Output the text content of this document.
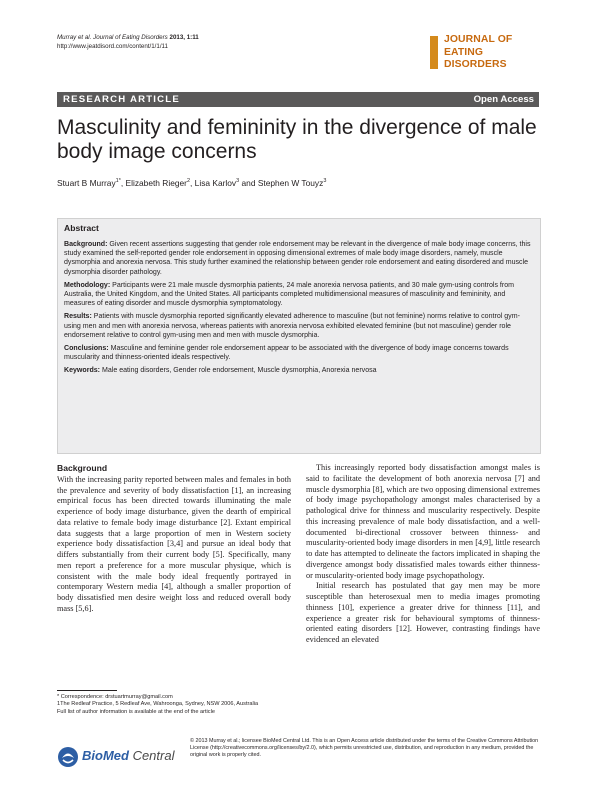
Murray et al. Journal of Eating Disorders 2013, 1:11
http://www.jeatdisord.com/content/1/1/11
JOURNAL OF
EATING DISORDERS
RESEARCH ARTICLE	Open Access
Masculinity and femininity in the divergence of male body image concerns
Stuart B Murray$^{1*}$, Elizabeth Rieger$^2$, Lisa Karlov$^3$ and Stephen W Touyz$^3$
Abstract

Background: Given recent assertions suggesting that gender role endorsement may be relevant in the divergence of male body image concerns, this study examined the self-reported gender role endorsement in opposing dimensional extremes of male body image disorders, namely, muscle dysmorphia and anorexia nervosa. This study further examined the relationship between gender role endorsement and eating disordered and muscle dysmorphia disorder pathology.

Methodology: Participants were 21 male muscle dysmorphia patients, 24 male anorexia nervosa patients, and 30 male gym-using controls from Australia, the United Kingdom, and the United States. All participants completed multidimensional measures of masculinity and femininity, and measures of eating disorder and muscle dysmorphia symptomatology.

Results: Patients with muscle dysmorphia reported significantly elevated adherence to masculine (but not feminine) norms relative to control gym-using men and men with anorexia nervosa, whereas patients with anorexia nervosa exhibited elevated feminine (but not masculine) gender role endorsement relative to control gym-using men and men with muscle dysmorphia.

Conclusions: Masculine and feminine gender role endorsement appear to be associated with the divergence of body image concerns towards muscularity and thinness-oriented ideals respectively.

Keywords: Male eating disorders, Gender role endorsement, Muscle dysmorphia, Anorexia nervosa

Background

With the increasing parity reported between males and females in both the prevalence and severity of body dissatisfaction [1], an increasing empirical focus has been directed towards illuminating the male experience of body image disturbance, given the dearth of empirical data relative to female body image disturbance [2]. Extant empirical data suggests that a large proportion of men in Western society experience body dissatisfaction [3,4] and pursue an ideal body that differs substantially from their current body [5]. Specifically, many men report a preference for a more muscular physique, which is consistent with the male body ideal frequently portrayed in contemporary Western media [4], although a smaller proportion of body dissatisfied men desire weight loss and reduced overall body mass [5,6].

This increasingly reported body dissatisfaction amongst males is said to facilitate the development of both anorexia nervosa [7] and muscle dysmorphia [8], which are two opposing dimensional extremes of body image psychopathology amongst males characterised by a pathological drive for thinness and muscularity respectively. Despite this increasing prevalence of male body dissatisfaction, and a well-documented bi-directional crossover between thinness- and muscularity-oriented body image disorders in men [4,9], little research to date has attempted to delineate the factors implicated in shaping the divergence amongst body dissatisfied males towards either thinness- or muscularity-oriented body image psychopathology.

Initial research has postulated that gay men may be more susceptible than heterosexual men to media images promoting thinness [10], experience a greater drive for thinness [11], and experience a greater risk for behavioural symptoms of thinness-oriented eating disorders [12]. However, contrasting findings have evidenced an elevated

* Correspondence: drstuartmurray@gmail.com
1The Redleaf Practice, 5 Redleaf Ave, Wahroonga, Sydney, NSW 2006, Australia
Full list of author information is available at the end of the article
BioMed Central
© 2013 Murray et al.; licensee BioMed Central Ltd. This is an Open Access article distributed under the terms of the Creative Commons Attribution License (http://creativecommons.org/licenses/by/2.0), which permits unrestricted use, distribution, and reproduction in any medium, provided the original work is properly cited.
